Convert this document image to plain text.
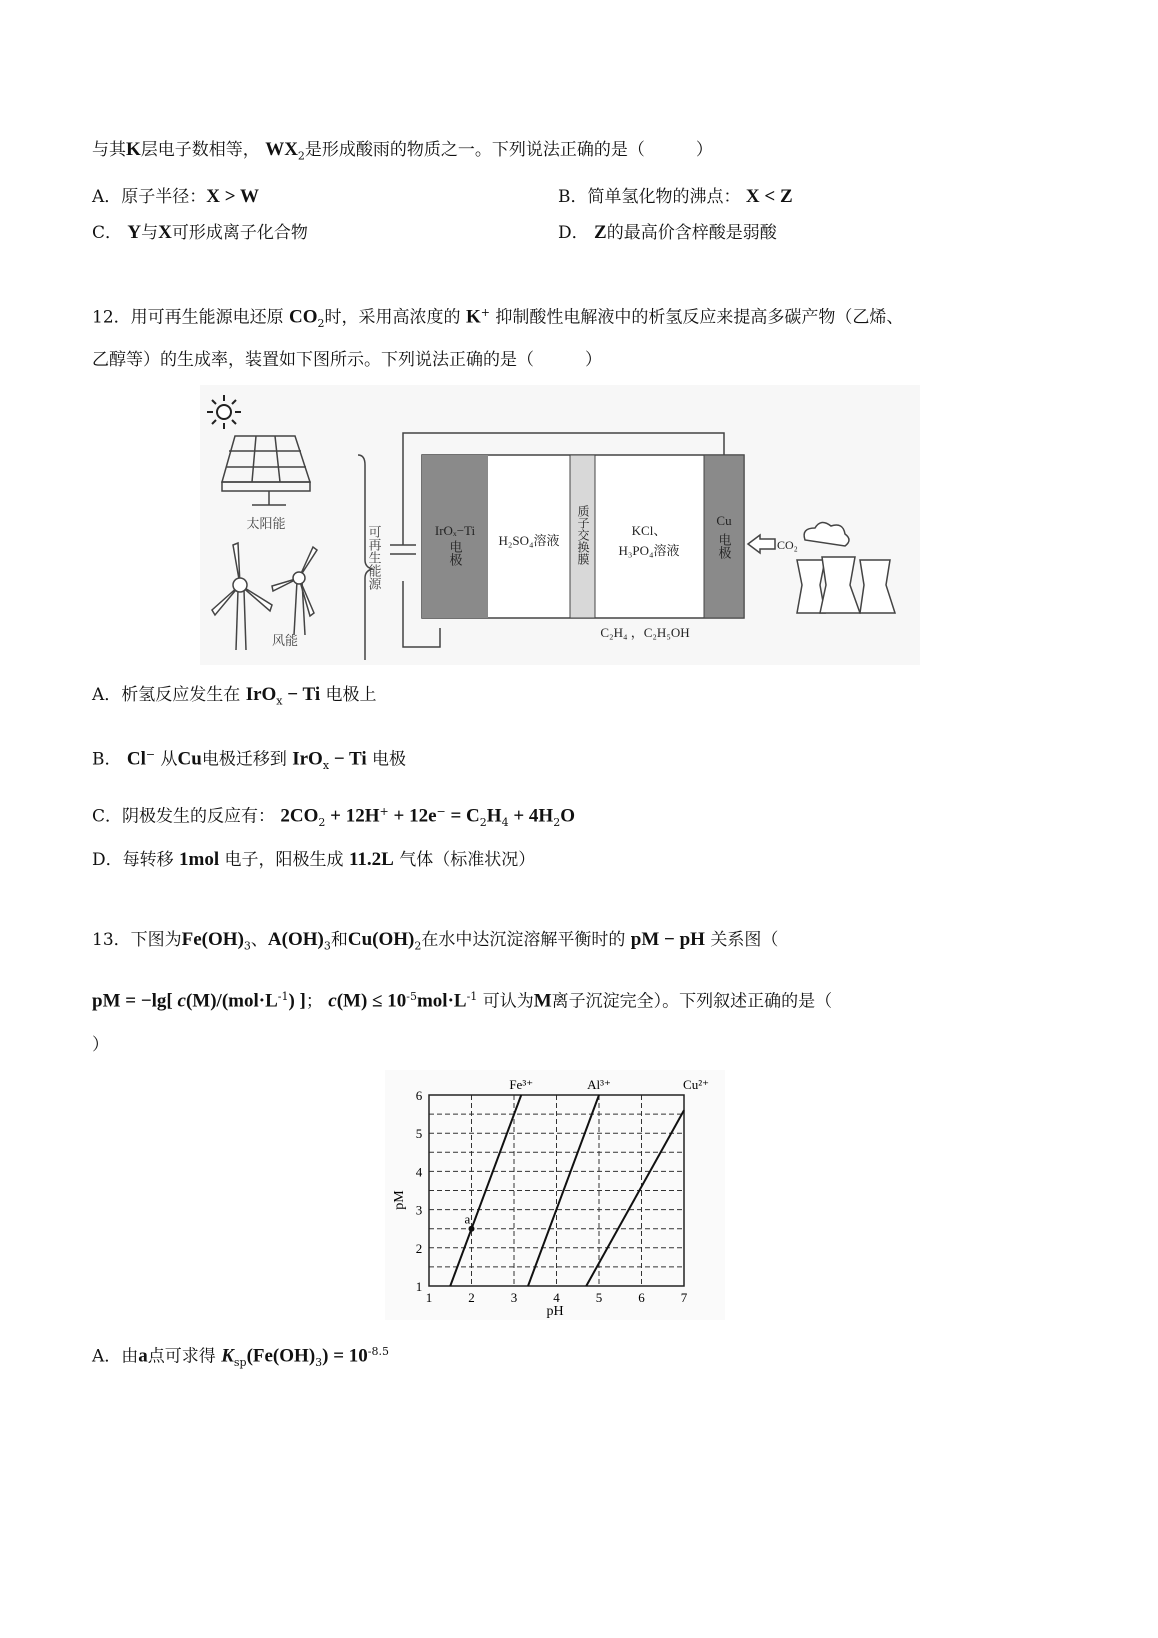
与其K层电子数相等， $WX_2$是形成酸雨的物质之一。下列说法正确的是（　　　）
A．原子半径：X > W	B．简单氢化物的沸点： X < Z
C． Y与X可形成离子化合物	D． Z的最高价含梓酸是弱酸
12．用可再生能源电还原 $CO_2$时，采用高浓度的 K+ 抑制酸性电解液中的析氢反应来提高多碳产物（乙烯、
乙醇等）的生成率，装置如下图所示。下列说法正确的是（　　　）
太阳能
风能
可再生能源	IrOₓ−Ti
电极	H₂SO₄溶液 质子交换膜	KCl、
H₃PO₄溶液
Cu
电极
C₂H₄ ，C₂H₅OH
CO₂
A．析氢反应发生在 IrO$_x$ − Ti 电极上
B． Cl− 从Cu电极迁移到 IrO$_x$ − Ti 电极
C．阴极发生的反应有： $2CO_2 + 12H^+ + 12e^- = C_2H_4 + 4H_2O$
D．每转移 1mol 电子，阳极生成 11.2L 气体（标准状况）
13．下图为$Fe(OH)_3$、$A(OH)_3$和$Cu(OH)_2$在水中达沉淀溶解平衡时的 pM − pH 关系图（
pM = −lg[ $c(M)/(mol\cdot L^{-1})$ ]； $c(M) \le 10^{-5}mol\cdot L^{-1}$ 可认为M离子沉淀完全）。下列叙述正确的是（
）
1	2	3	4	5	6	7
1
2
3
4
5
6
Fe³⁺	Al³⁺	Cu²⁺
a
pH
pM
A．由a点可求得 $K_{sp}(Fe(OH)_3) = 10^{-8.5}$
